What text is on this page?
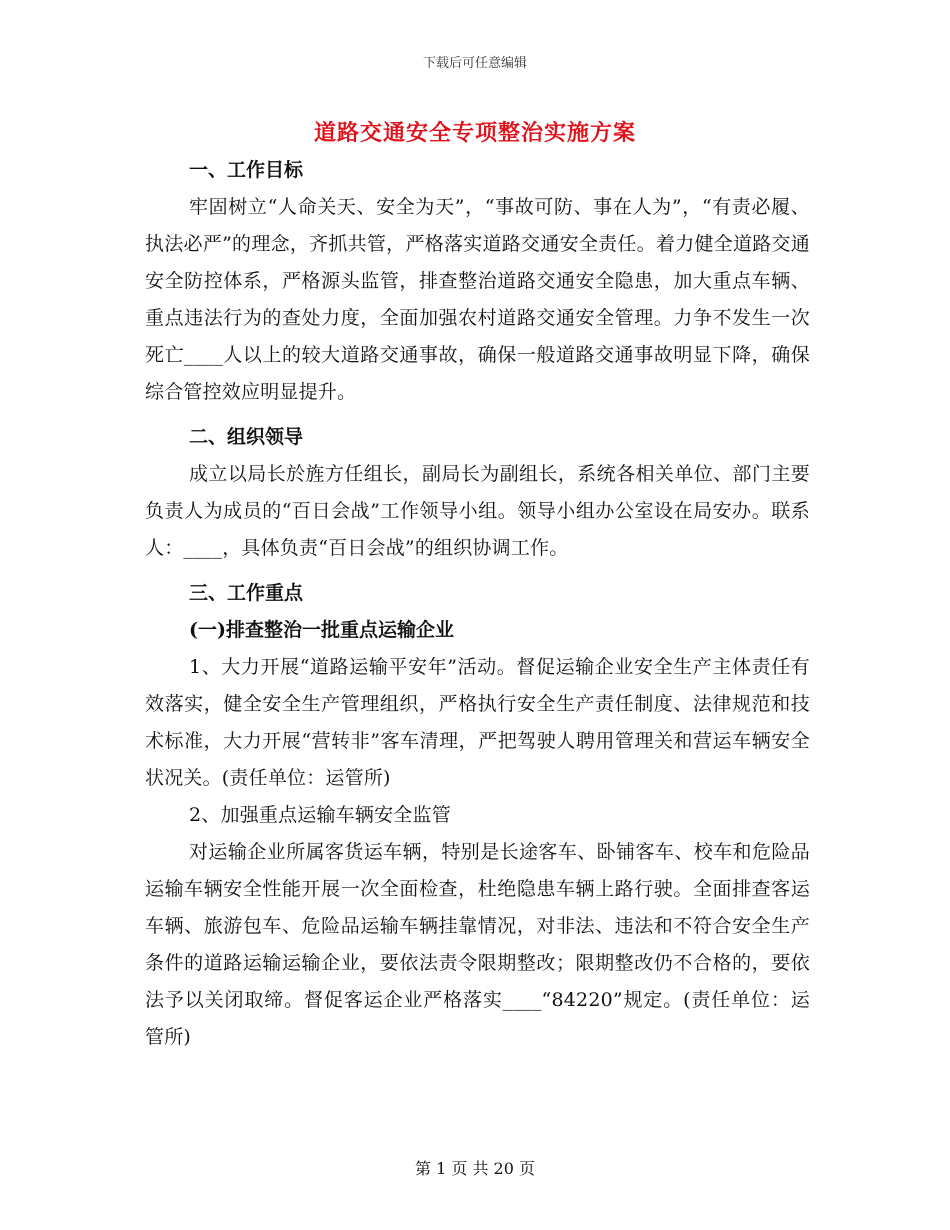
下载后可任意编辑
道路交通安全专项整治实施方案
一、工作目标
牢固树立“人命关天、安全为天”，“事故可防、事在人为”，“有责必履、执法必严”的理念，齐抓共管，严格落实道路交通安全责任。着力健全道路交通安全防控体系，严格源头监管，排查整治道路交通安全隐患，加大重点车辆、重点违法行为的查处力度，全面加强农村道路交通安全管理。力争不发生一次死亡____人以上的较大道路交通事故，确保一般道路交通事故明显下降，确保综合管控效应明显提升。
二、组织领导
成立以局长於旌方任组长，副局长为副组长，系统各相关单位、部门主要负责人为成员的“百日会战”工作领导小组。领导小组办公室设在局安办。联系人：____，具体负责“百日会战”的组织协调工作。
三、工作重点
(一)排查整治一批重点运输企业
1、大力开展“道路运输平安年”活动。督促运输企业安全生产主体责任有效落实，健全安全生产管理组织，严格执行安全生产责任制度、法律规范和技术标准，大力开展“营转非”客车清理，严把驾驶人聘用管理关和营运车辆安全状况关。(责任单位：运管所)
2、加强重点运输车辆安全监管
对运输企业所属客货运车辆，特别是长途客车、卧铺客车、校车和危险品运输车辆安全性能开展一次全面检查，杜绝隐患车辆上路行驶。全面排查客运车辆、旅游包车、危险品运输车辆挂靠情况，对非法、违法和不符合安全生产条件的道路运输运输企业，要依法责令限期整改；限期整改仍不合格的，要依法予以关闭取缔。督促客运企业严格落实____“84220”规定。(责任单位：运管所)
第 1 页 共 20 页
